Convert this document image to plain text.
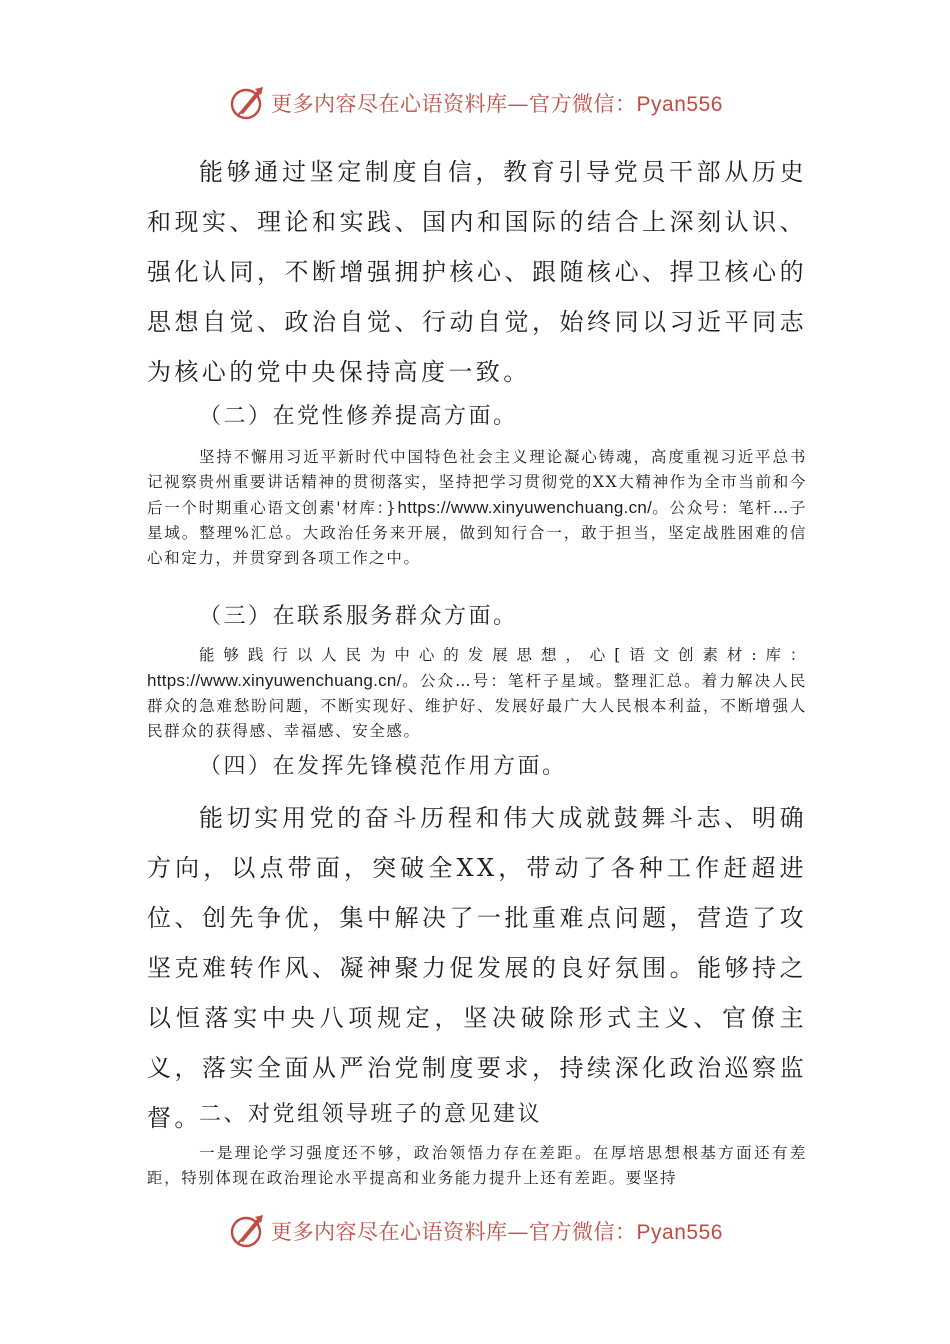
更多内容尽在心语资料库—官方微信：Pyan556
能够通过坚定制度自信，教育引导党员干部从历史和现实、理论和实践、国内和国际的结合上深刻认识、强化认同，不断增强拥护核心、跟随核心、捍卫核心的思想自觉、政治自觉、行动自觉，始终同以习近平同志为核心的党中央保持高度一致。
（二）在党性修养提高方面。
坚持不懈用习近平新时代中国特色社会主义理论凝心铸魂，高度重视习近平总书记视察贵州重要讲话精神的贯彻落实，坚持把学习贯彻党的XX大精神作为全市当前和今后一个时期重心语文创素'材库：}https://www.xinyuwenchuang.cn/。公众号：笔杆…子星域。整理%汇总。大政治任务来开展，做到知行合一，敢于担当，坚定战胜困难的信心和定力，并贯穿到各项工作之中。
（三）在联系服务群众方面。
能够践行以人民为中心的发展思想，心[语文创素材:库：https://www.xinyuwenchuang.cn/。公众…号：笔杆子星域。整理汇总。着力解决人民群众的急难愁盼问题，不断实现好、维护好、发展好最广大人民根本利益，不断增强人民群众的获得感、幸福感、安全感。
（四）在发挥先锋模范作用方面。
能切实用党的奋斗历程和伟大成就鼓舞斗志、明确方向，以点带面，突破全XX，带动了各种工作赶超进位、创先争优，集中解决了一批重难点问题，营造了攻坚克难转作风、凝神聚力促发展的良好氛围。能够持之以恒落实中央八项规定，坚决破除形式主义、官僚主义，落实全面从严治党制度要求，持续深化政治巡察监督。
二、对党组领导班子的意见建议
一是理论学习强度还不够，政治领悟力存在差距。在厚培思想根基方面还有差距，特别体现在政治理论水平提高和业务能力提升上还有差距。要坚持
更多内容尽在心语资料库—官方微信：Pyan556
